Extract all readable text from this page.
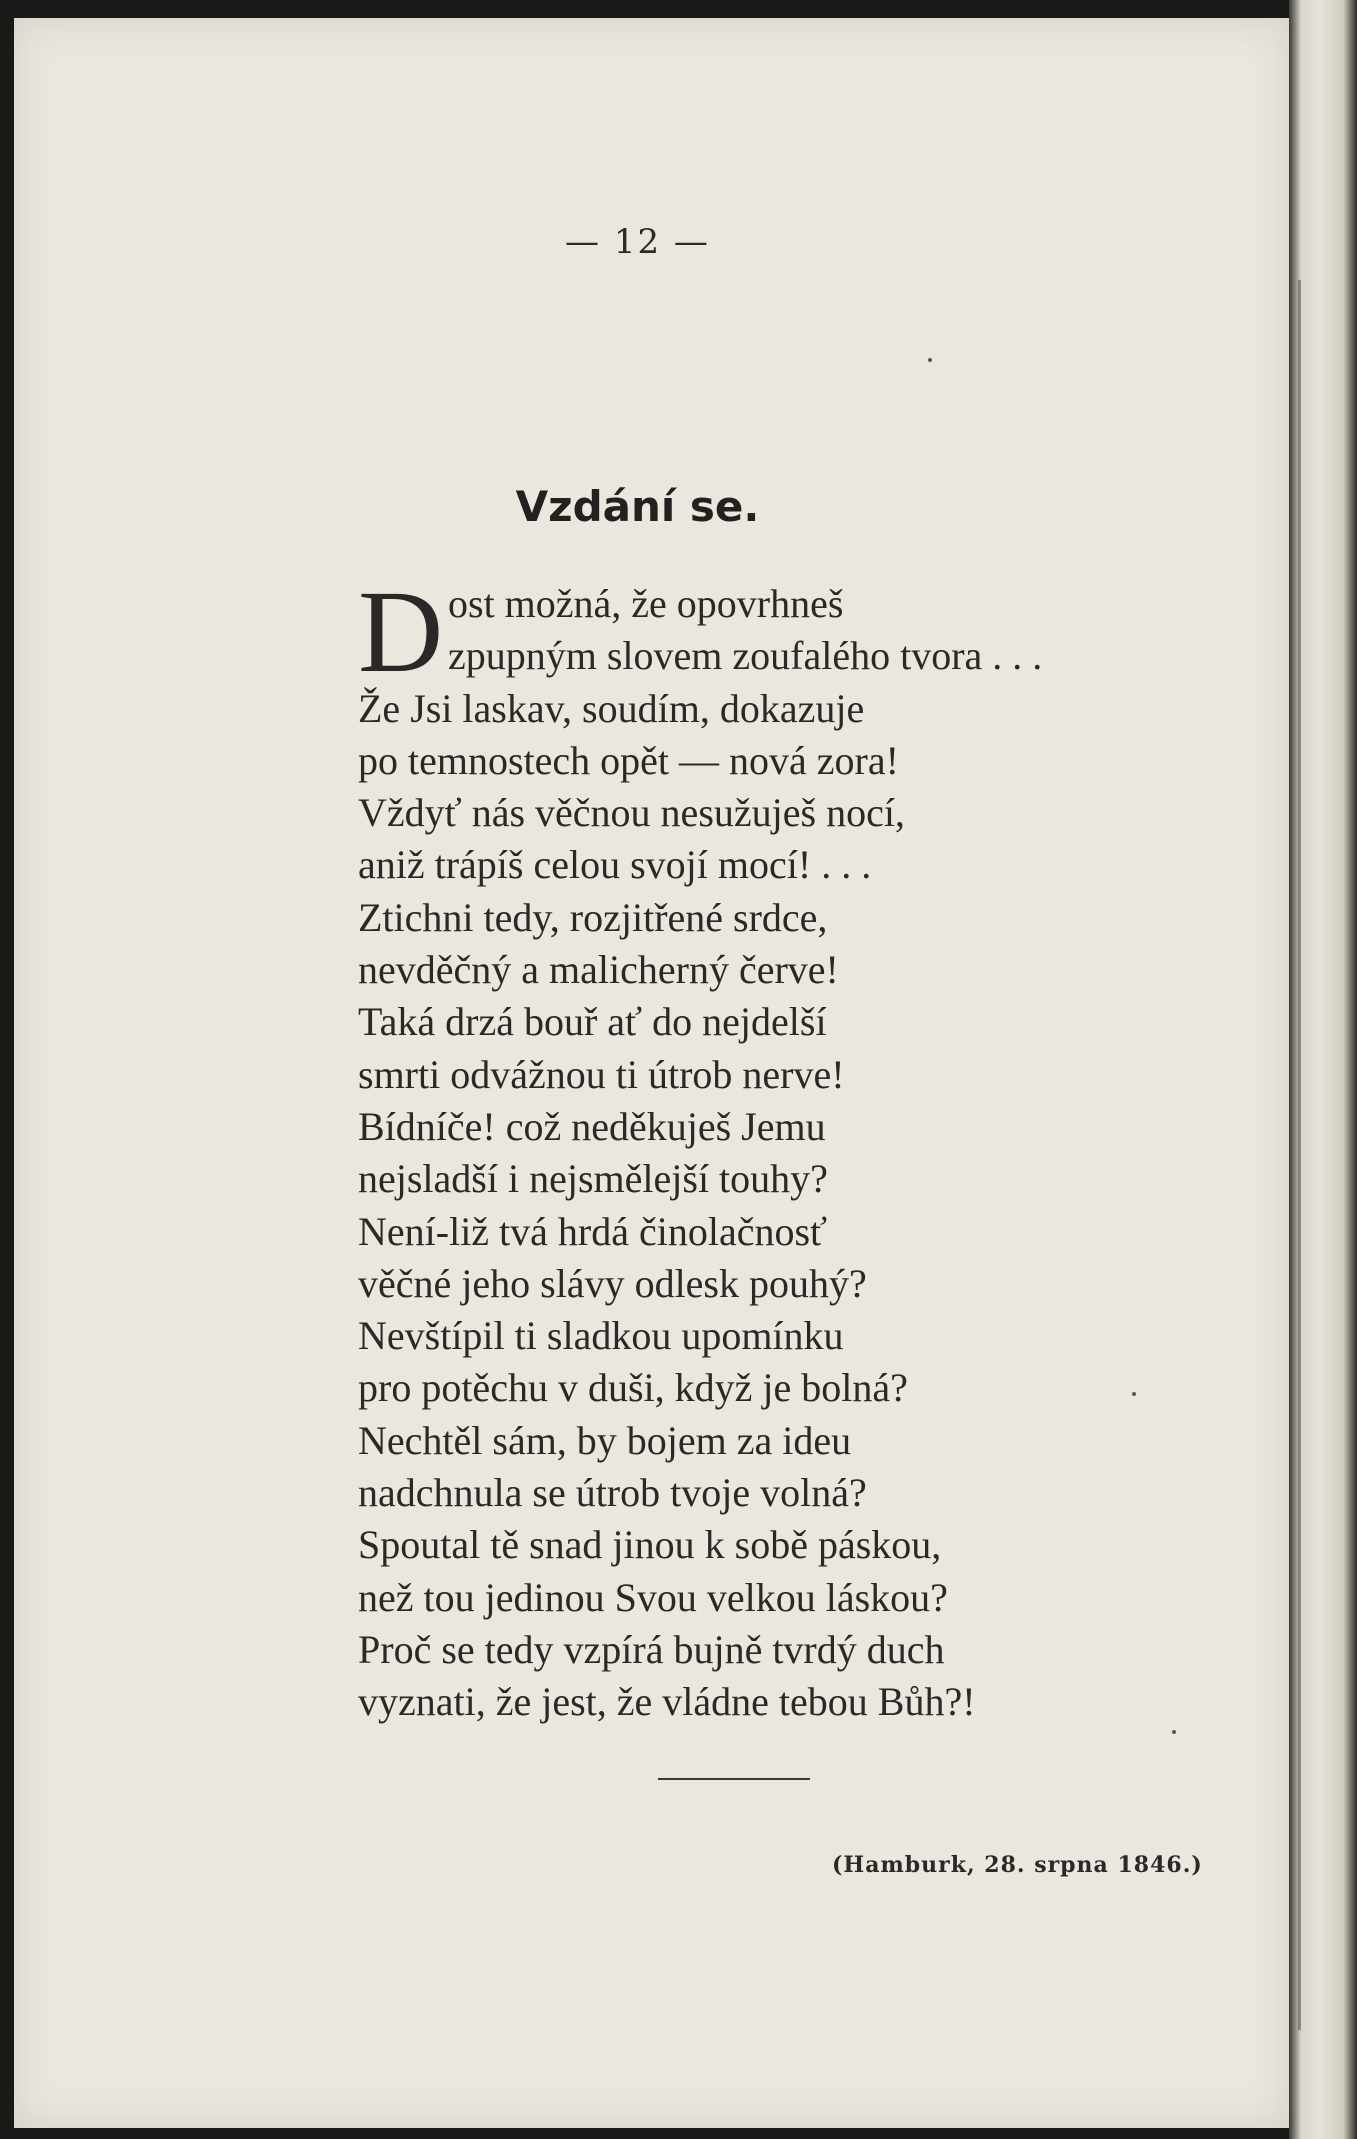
— 12 —
Vzdání se.
D ost možná, že opovrhneš
zpupným slovem zoufalého tvora . . .
Že Jsi laskav, soudím, dokazuje
po temnostech opět — nová zora!
Vždyť nás věčnou nesužuješ nocí,
aniž trápíš celou svojí mocí! . . .
Ztichni tedy, rozjitřené srdce,
nevděčný a malicherný červe!
Taká drzá bouř ať do nejdelší
smrti odvážnou ti útrob nerve!
Bídníče! což neděkuješ Jemu
nejsladší i nejsmělejší touhy?
Není-liž tvá hrdá činolačnosť
věčné jeho slávy odlesk pouhý?
Nevštípil ti sladkou upomínku
pro potěchu v duši, když je bolná?
Nechtěl sám, by bojem za ideu
nadchnula se útrob tvoje volná?
Spoutal tě snad jinou k sobě páskou,
než tou jedinou Svou velkou láskou?
Proč se tedy vzpírá bujně tvrdý duch
vyznati, že jest, že vládne tebou Bůh?!
(Hamburk, 28. srpna 1846.)
